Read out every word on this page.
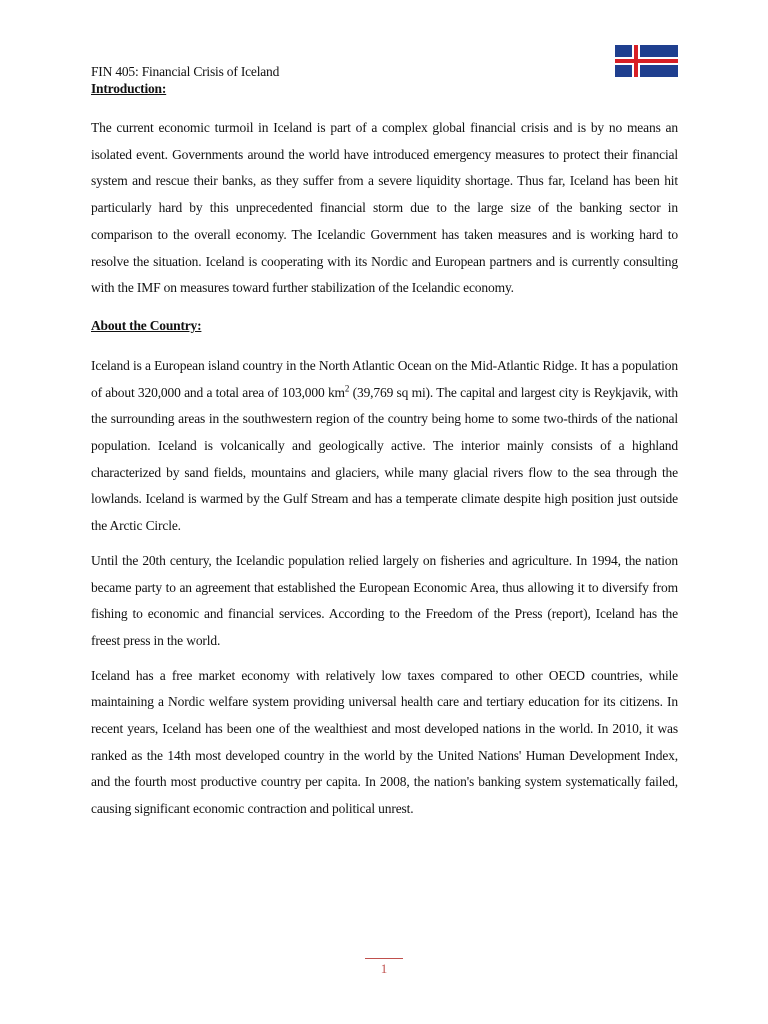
FIN 405: Financial Crisis of Iceland
Introduction:

The current economic turmoil in Iceland is part of a complex global financial crisis and is by no means an isolated event. Governments around the world have introduced emergency measures to protect their financial system and rescue their banks, as they suffer from a severe liquidity shortage. Thus far, Iceland has been hit particularly hard by this unprecedented financial storm due to the large size of the banking sector in comparison to the overall economy. The Icelandic Government has taken measures and is working hard to resolve the situation. Iceland is cooperating with its Nordic and European partners and is currently consulting with the IMF on measures toward further stabilization of the Icelandic economy.

About the Country:

Iceland is a European island country in the North Atlantic Ocean on the Mid-Atlantic Ridge. It has a population of about 320,000 and a total area of 103,000 $km^2$ (39,769 sq mi). The capital and largest city is Reykjavik, with the surrounding areas in the southwestern region of the country being home to some two-thirds of the national population. Iceland is volcanically and geologically active. The interior mainly consists of a highland characterized by sand fields, mountains and glaciers, while many glacial rivers flow to the sea through the lowlands. Iceland is warmed by the Gulf Stream and has a temperate climate despite high position just outside the Arctic Circle.

Until the 20th century, the Icelandic population relied largely on fisheries and agriculture. In 1994, the nation became party to an agreement that established the European Economic Area, thus allowing it to diversify from fishing to economic and financial services. According to the Freedom of the Press (report), Iceland has the freest press in the world.

Iceland has a free market economy with relatively low taxes compared to other OECD countries, while maintaining a Nordic welfare system providing universal health care and tertiary education for its citizens. In recent years, Iceland has been one of the wealthiest and most developed nations in the world. In 2010, it was ranked as the 14th most developed country in the world by the United Nations' Human Development Index, and the fourth most productive country per capita. In 2008, the nation's banking system systematically failed, causing significant economic contraction and political unrest.

1
